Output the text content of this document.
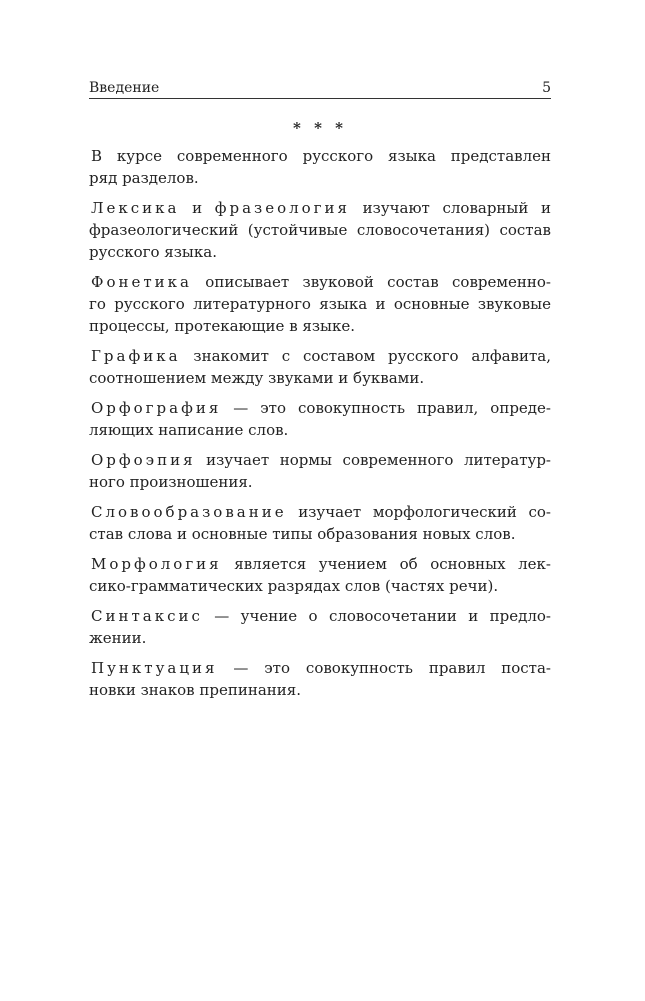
Введение	5
* * *
В курсе современного русского языка представлен
ряд разделов.
Лексика и фразеология изучают словарный и
фразеологический (устойчивые словосочетания) состав
русского языка.
Фонетика описывает звуковой состав современно-
го русского литературного языка и основные звуковые
процессы, протекающие в языке.
Графика знакомит с составом русского алфавита,
соотношением между звуками и буквами.
Орфография — это совокупность правил, опреде-
ляющих написание слов.
Орфоэпия изучает нормы современного литератур-
ного произношения.
Словообразование изучает морфологический со-
став слова и основные типы образования новых слов.
Морфология является учением об основных лек-
сико-грамматических разрядах слов (частях речи).
Синтаксис — учение о словосочетании и предло-
жении.
Пунктуация — это совокупность правил поста-
новки знаков препинания.
